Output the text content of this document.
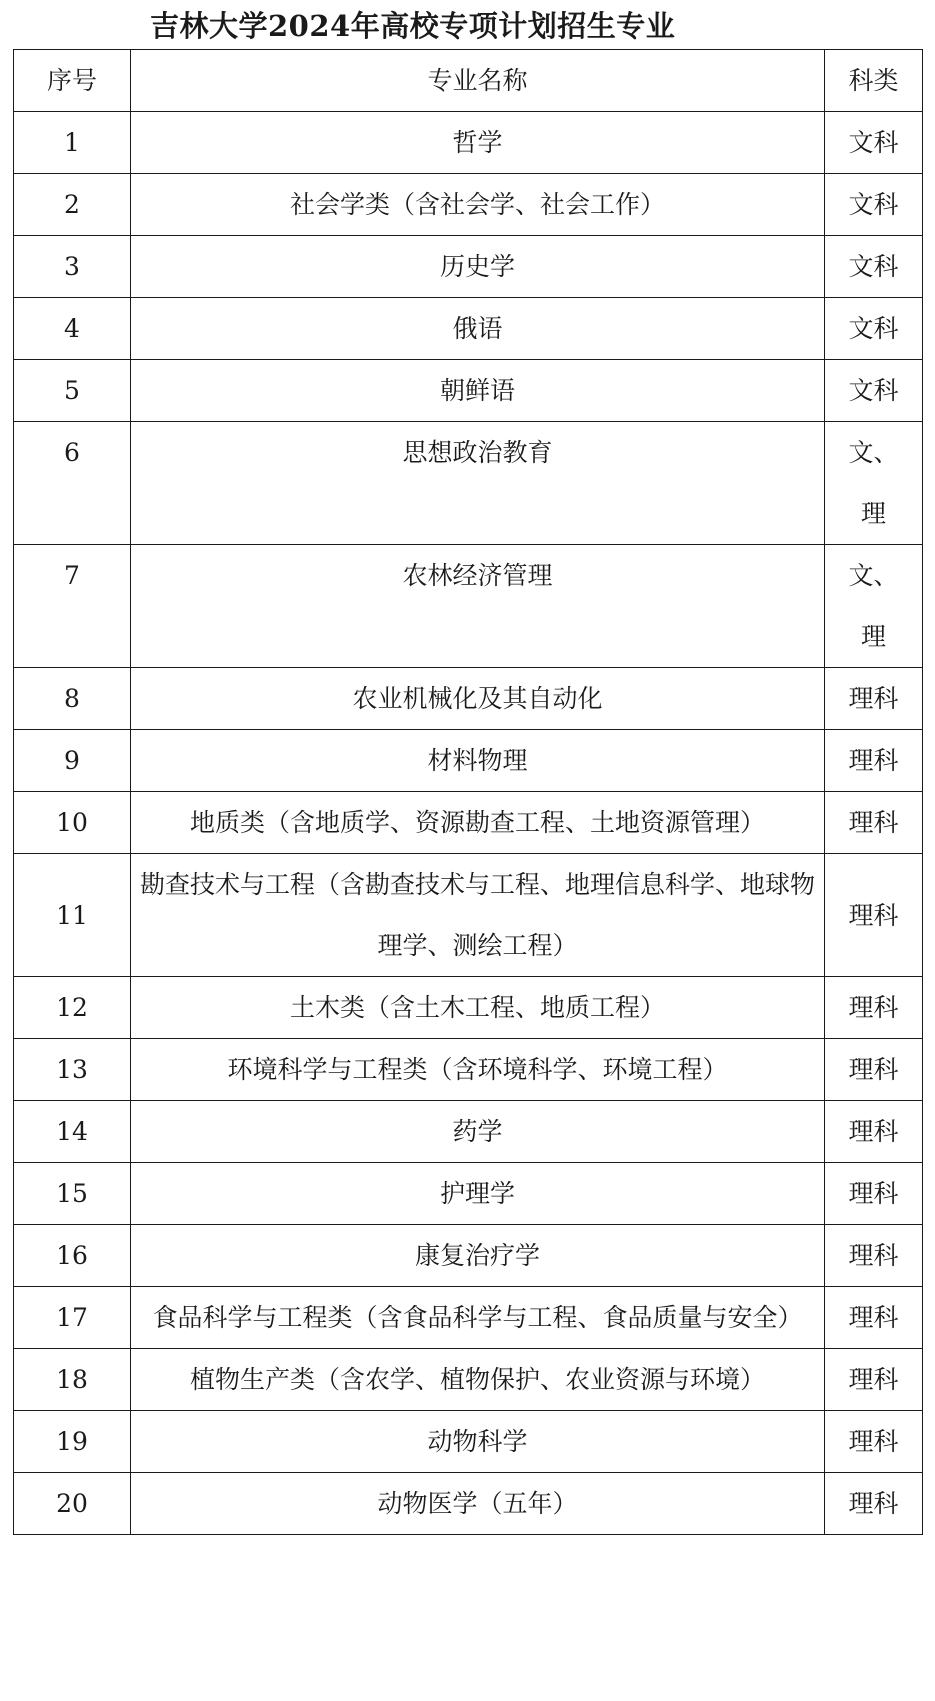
吉林大学2024年高校专项计划招生专业
序号	专业名称	科类
1	哲学	文科
2	社会学类（含社会学、社会工作）	文科
3	历史学	文科
4	俄语	文科
5	朝鲜语	文科
6	思想政治教育	文、
理
7	农林经济管理	文、
理
8	农业机械化及其自动化	理科
9	材料物理	理科
10	地质类（含地质学、资源勘查工程、土地资源管理）	理科
11	勘查技术与工程（含勘查技术与工程、地理信息科学、地球物理学、测绘工程）	理科
12	土木类（含土木工程、地质工程）	理科
13	环境科学与工程类（含环境科学、环境工程）	理科
14	药学	理科
15	护理学	理科
16	康复治疗学	理科
17	食品科学与工程类（含食品科学与工程、食品质量与安全）	理科
18	植物生产类（含农学、植物保护、农业资源与环境）	理科
19	动物科学	理科
20	动物医学（五年）	理科
